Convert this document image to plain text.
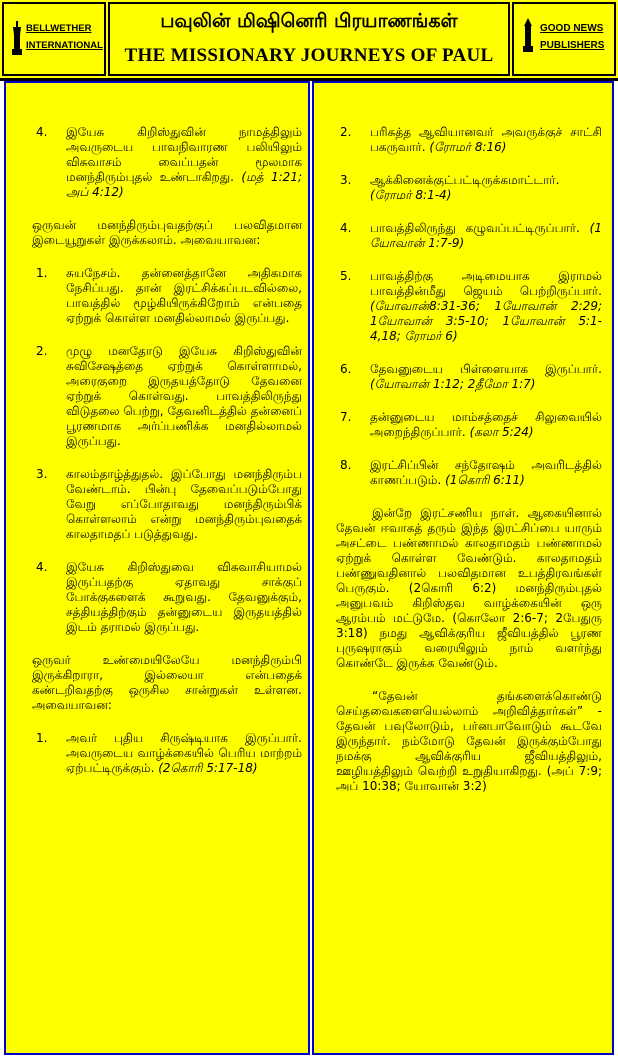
BELLWETHER
INTERNATIONAL
பவுலின் மிஷினெரி பிரயாணங்கள்
THE MISSIONARY JOURNEYS OF PAUL
GOOD NEWS
PUBLISHERS
4. இயேசு கிறிஸ்துவின் நாமத்திலும் அவருடைய பாவநிவாரண பலியிலும் விசுவாசம் வைப்பதன் மூலமாக மனந்திரும்புதல் உண்டாகிறது. (மத் 1:21; அப் 4:12)
ஒருவன் மனந்திரும்புவதற்குப் பலவிதமான இடையூறுகள் இருக்கலாம். அவையாவன:
1. சுயநேசம். தன்னைத்தானே அதிகமாக நேசிப்பது. தான் இரட்சிக்கப்படவில்லை, பாவத்தில் மூழ்கியிருக்கிறோம் என்பதை ஏற்றுக் கொள்ள மனதில்லாமல் இருப்பது.
2. முழு மனதோடு இயேசு கிறிஸ்துவின் சுவிசேஷத்தை ஏற்றுக் கொள்ளாமல், அரைகுறை இருதயத்தோடு தேவனை ஏற்றுக் கொள்வது. பாவத்திலிருந்து விடுதலை பெற்று, தேவனிடத்தில் தன்னைப் பூரணமாக அர்ப்பணிக்க மனதில்லாமல் இருப்பது.
3. காலம்தாழ்த்துதல். இப்போது மனந்திரும்ப வேண்டாம். பின்பு தேவைப்படும்போது வேறு எப்போதாவது மனந்திரும்பிக் கொள்ளலாம் என்று மனந்திரும்புவதைக் காலதாமதப் படுத்துவது.
4. இயேசு கிறிஸ்துவை விசுவாசியாமல் இருப்பதற்கு ஏதாவது சாக்குப் போக்குகளைக் கூறுவது. தேவனுக்கும், சத்தியத்திற்கும் தன்னுடைய இருதயத்தில் இடம் தராமல் இருப்பது.
ஒருவர் உண்மையிலேயே மனந்திரும்பி இருக்கிறாரா, இல்லையா என்பதைக் கண்டறிவதற்கு ஒருசில சான்றுகள் உள்ளன. அவையாவன:
1. அவர் புதிய சிருஷ்டியாக இருப்பார். அவருடைய வாழ்க்கையில் பெரிய மாற்றம் ஏற்பட்டிருக்கும். (2கொரி 5:17-18)
2. பரிசுத்த ஆவியானவர் அவருக்குச் சாட்சி பகருவார். (ரோமர் 8:16)
3. ஆக்கினைக்குட்பட்டிருக்கமாட்டார். (ரோமர் 8:1-4)
4. பாவத்திலிருந்து கழுவப்பட்டிருப்பார். (1 யோவான் 1:7-9)
5. பாவத்திற்கு அடிமையாக இராமல் பாவத்தின்மீது ஜெயம் பெற்றிருப்பார். (யோவான்8:31-36; 1யோவான் 2:29; 1யோவான் 3:5-10; 1யோவான் 5:1-4,18; ரோமர் 6)
6. தேவனுடைய பிள்ளையாக இருப்பார். (யோவான் 1:12; 2தீமோ 1:7)
7. தன்னுடைய மாம்சத்தைச் சிலுவையில் அறைந்திருப்பார். (கலா 5:24)
8. இரட்சிப்பின் சந்தோஷம் அவரிடத்தில் காணப்படும். (1கொரி 6:11)
இன்றே இரட்சணிய நாள். ஆகையினால் தேவன் ஈவாகத் தரும் இந்த இரட்சிப்பை யாரும் அசட்டை பண்ணாமல் காலதாமதம் பண்ணாமல் ஏற்றுக் கொள்ள வேண்டும். காலதாமதம் பண்ணுவதினால் பலவிதமான உபத்திரவங்கள் பெருகும். (2கொரி 6:2) மனந்திரும்புதல் அனுபவம் கிறிஸ்தவ வாழ்க்கையின் ஒரு ஆரம்பம் மட்டுமே. (கொலோ 2:6-7; 2பேதுரு 3:18) நமது ஆவிக்குரிய ஜீவியத்தில் பூரண புருஷராகும் வரையிலும் நாம் வளர்ந்து கொண்டே இருக்க வேண்டும்.
“தேவன் தங்களைக்கொண்டு செய்தவைகளையெல்லாம் அறிவித்தார்கள்” - தேவன் பவுலோடும், பர்னபாவோடும் கூடவே இருந்தார். நம்மோடு தேவன் இருக்கும்போது நமக்கு ஆவிக்குரிய ஜீவியத்திலும், ஊழியத்திலும் வெற்றி உறுதியாகிறது. (அப் 7:9; அப் 10:38; யோவான் 3:2)
